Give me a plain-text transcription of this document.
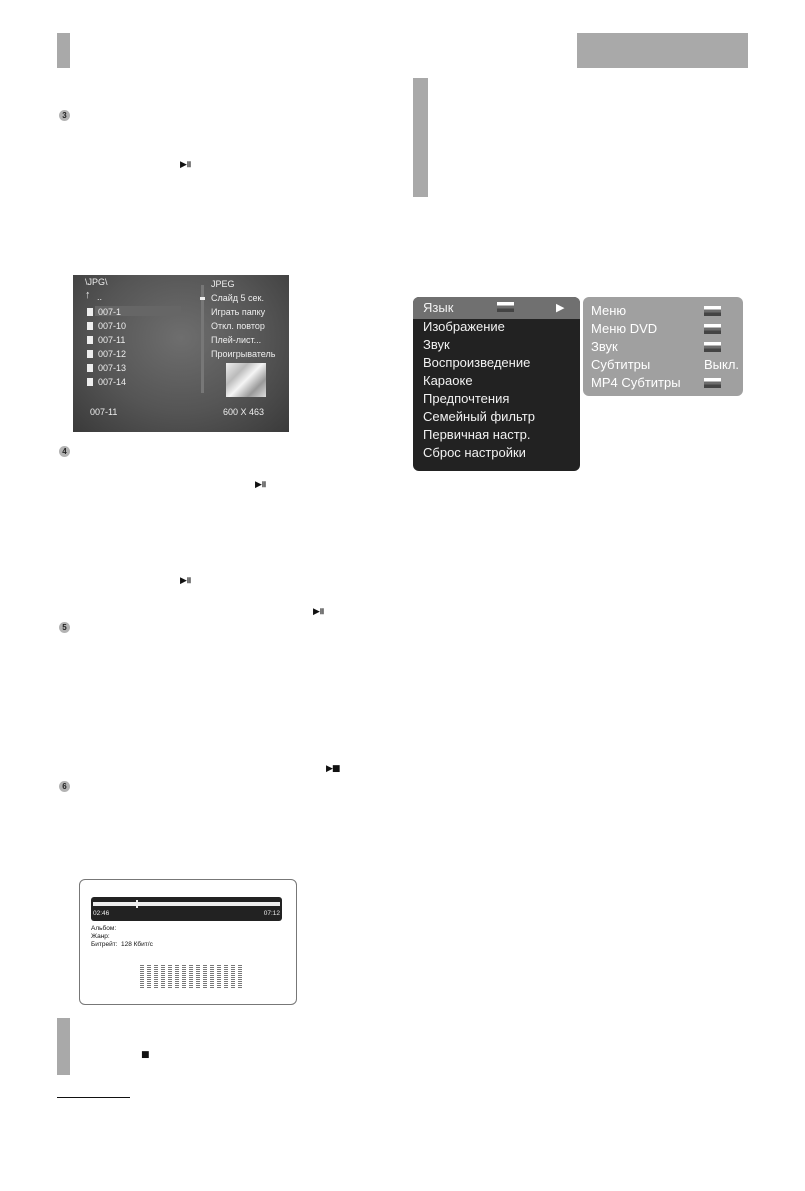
3
4
5
6
▶॥
▶॥
▶॥
▶॥
▶■
■
\JPG\
↑ ..
007-1
007-10
007-11
007-12
007-13
007-14
JPEG
Слайд 5 сек.
Играть папку
Откл. повтор
Плей-лист...
Проигрыватель
007-11	600 X 463
02:46	07:12
Альбом:
Жанр:
Битрейт: 128 Кбит/с
Язык	▶
Изображение
Звук
Воспроизведение
Караоке
Предпочтения
Семейный фильтр
Первичная настр.
Сброс настройки
Меню
Меню DVD
Звук
Субтитры	Выкл.
MP4 Субтитры
